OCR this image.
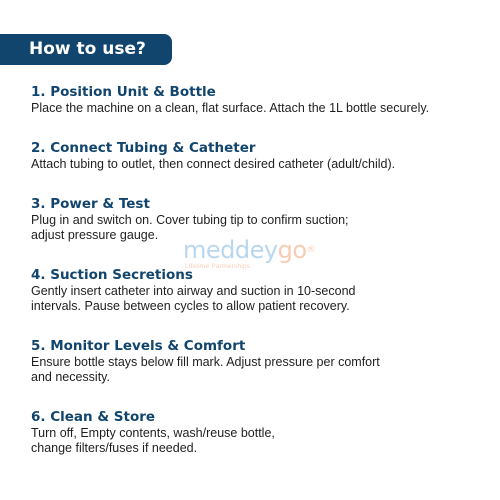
How to use?
meddeygo®
Lifetime Partnerships
1. Position Unit & Bottle
Place the machine on a clean, flat surface. Attach the 1L bottle securely.
2. Connect Tubing & Catheter
Attach tubing to outlet, then connect desired catheter (adult/child).
3. Power & Test
Plug in and switch on. Cover tubing tip to confirm suction;
adjust pressure gauge.
4. Suction Secretions
Gently insert catheter into airway and suction in 10-second
intervals. Pause between cycles to allow patient recovery.
5. Monitor Levels & Comfort
Ensure bottle stays below fill mark. Adjust pressure per comfort
and necessity.
6. Clean & Store
Turn off, Empty contents, wash/reuse bottle,
change filters/fuses if needed.
